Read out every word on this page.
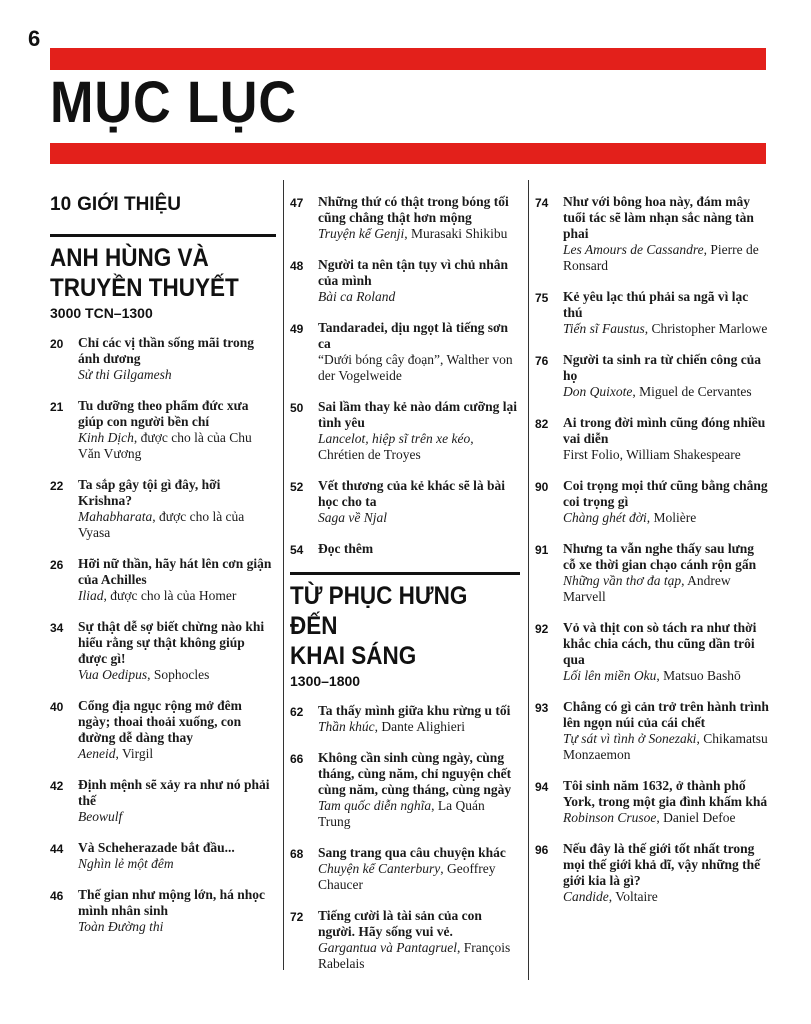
6
MỤC LỤC
10 GIỚI THIỆU
ANH HÙNG VÀ
TRUYỀN THUYẾT
3000 TCN–1300
20	Chỉ các vị thần sống mãi trong ánh dương
Sử thi Gilgamesh
21	Tu dưỡng theo phẩm đức xưa giúp con người bền chí
Kinh Dịch, được cho là của Chu Văn Vương
22	Ta sắp gây tội gì đây, hỡi Krishna?
Mahabharata, được cho là của Vyasa
26	Hỡi nữ thần, hãy hát lên cơn giận của Achilles
Iliad, được cho là của Homer
34	Sự thật dễ sợ biết chừng nào khi hiểu rằng sự thật không giúp được gì!
Vua Oedipus, Sophocles
40	Cổng địa ngục rộng mở đêm ngày; thoai thoải xuống, con đường dễ dàng thay
Aeneid, Virgil
42	Định mệnh sẽ xảy ra như nó phải thế
Beowulf
44	Và Scheherazade bắt đầu...
Nghìn lẻ một đêm
46	Thế gian như mộng lớn, há nhọc mình nhân sinh
Toàn Đường thi
47	Những thứ có thật trong bóng tối cũng chẳng thật hơn mộng
Truyện kể Genji, Murasaki Shikibu
48	Người ta nên tận tụy vì chủ nhân của mình
Bài ca Roland
49	Tandaradei, dịu ngọt là tiếng sơn ca
“Dưới bóng cây đoạn”, Walther von der Vogelweide
50	Sai lầm thay kẻ nào dám cưỡng lại tình yêu
Lancelot, hiệp sĩ trên xe kéo, Chrétien de Troyes
52	Vết thương của kẻ khác sẽ là bài học cho ta
Saga về Njal
54	Đọc thêm
TỪ PHỤC HƯNG ĐẾN
KHAI SÁNG
1300–1800
62	Ta thấy mình giữa khu rừng u tối
Thần khúc, Dante Alighieri
66	Không cần sinh cùng ngày, cùng tháng, cùng năm, chỉ nguyện chết cùng năm, cùng tháng, cùng ngày
Tam quốc diễn nghĩa, La Quán Trung
68	Sang trang qua câu chuyện khác
Chuyện kể Canterbury, Geoffrey Chaucer
72	Tiếng cười là tài sản của con người. Hãy sống vui vẻ.
Gargantua và Pantagruel, François Rabelais
74	Như với bông hoa này, đám mây tuổi tác sẽ làm nhạn sắc nàng tàn phai
Les Amours de Cassandre, Pierre de Ronsard
75	Kẻ yêu lạc thú phải sa ngã vì lạc thú
Tiến sĩ Faustus, Christopher Marlowe
76	Người ta sinh ra từ chiến công của họ
Don Quixote, Miguel de Cervantes
82	Ai trong đời mình cũng đóng nhiều vai diễn
First Folio, William Shakespeare
90	Coi trọng mọi thứ cũng bằng chẳng coi trọng gì
Chàng ghét đời, Molière
91	Nhưng ta vẫn nghe thấy sau lưng cỗ xe thời gian chạo cánh rộn gấn
Những vần thơ đa tạp, Andrew Marvell
92	Vỏ và thịt con sò tách ra như thời khắc chia cách, thu cũng dần trôi qua
Lối lên miền Oku, Matsuo Bashō
93	Chẳng có gì cản trở trên hành trình lên ngọn núi của cái chết
Tự sát vì tình ở Sonezaki, Chikamatsu Monzaemon
94	Tôi sinh năm 1632, ở thành phố York, trong một gia đình khấm khá
Robinson Crusoe, Daniel Defoe
96	Nếu đây là thế giới tốt nhất trong mọi thế giới khả dĩ, vậy những thế giới kia là gì?
Candide, Voltaire
